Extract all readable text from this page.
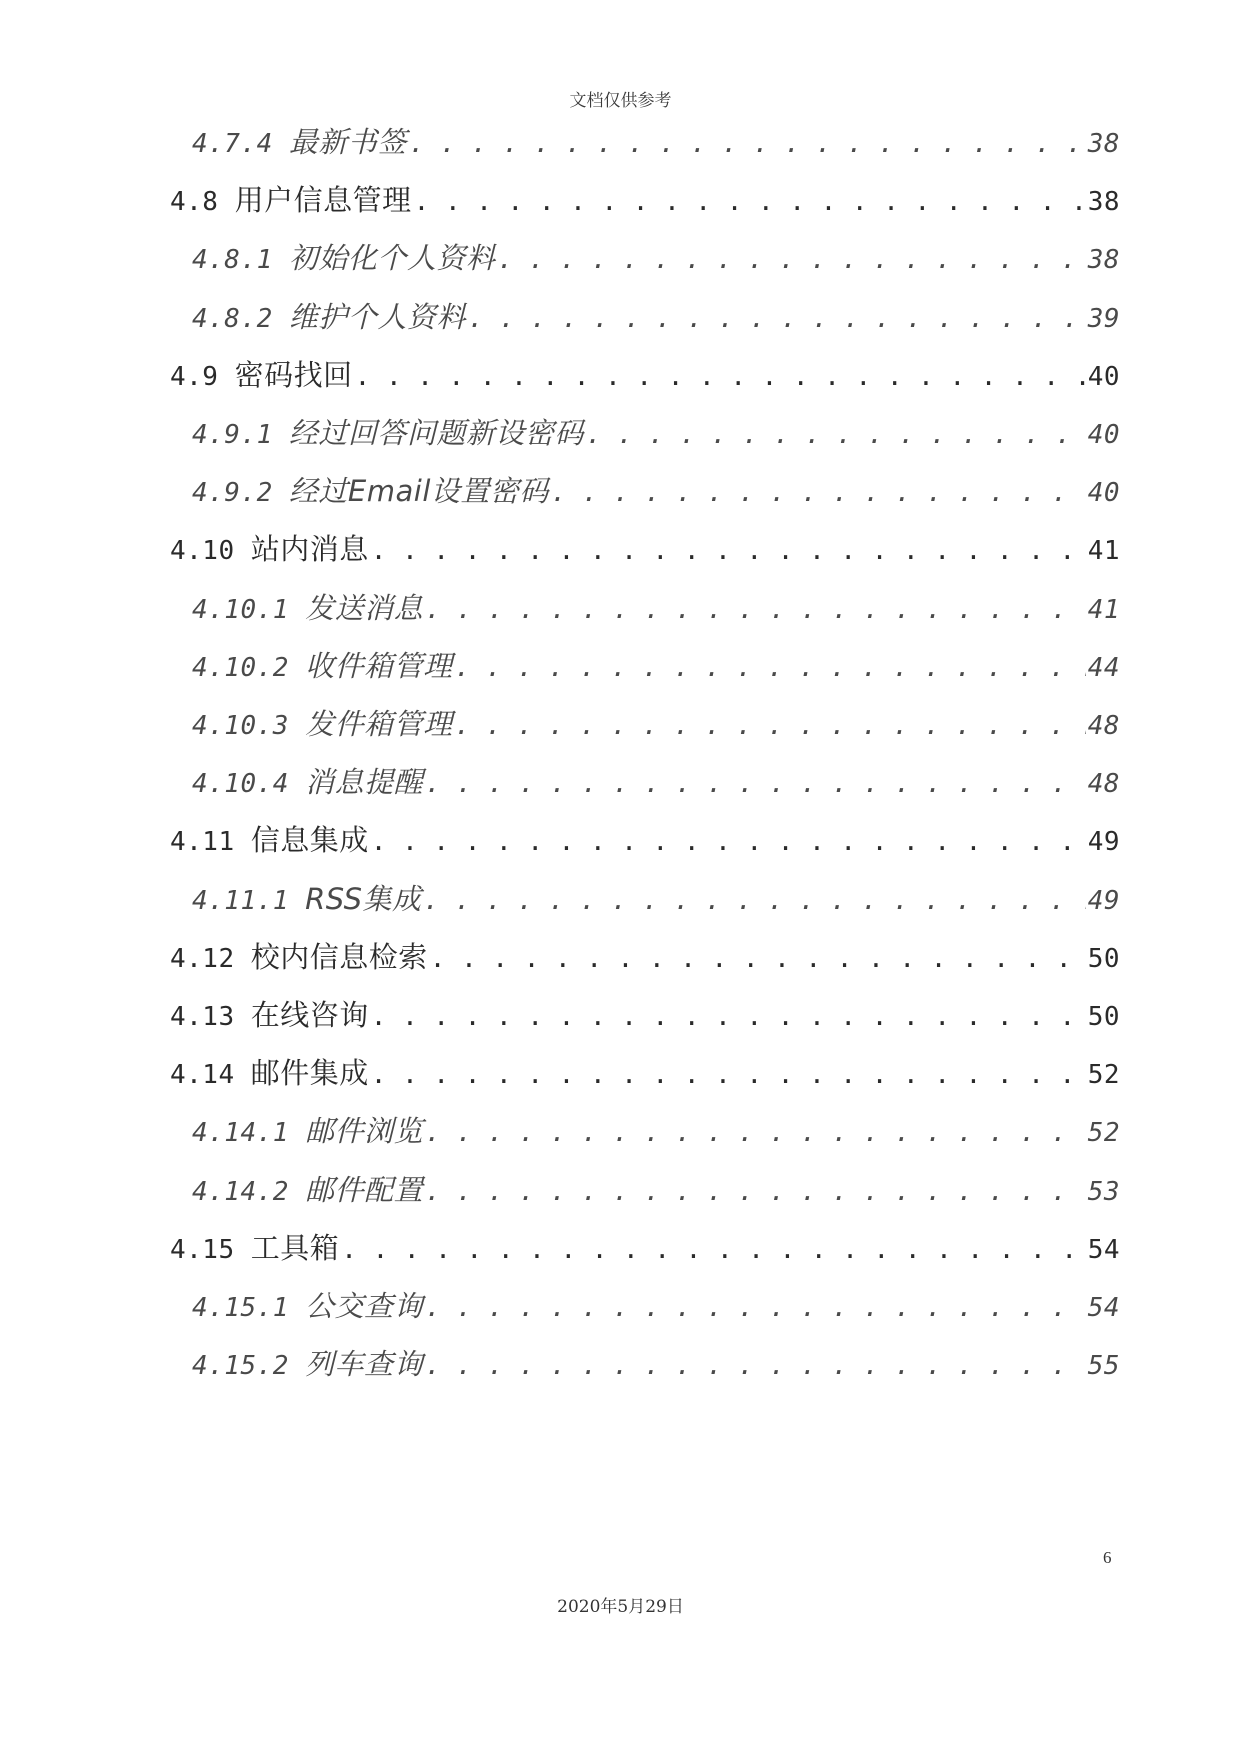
文档仅供参考
4.7.4 最新书签 . . .	38
4.8 用户信息管理 . . .	38
4.8.1 初始化个人资料 . . .	38
4.8.2 维护个人资料 . . .	39
4.9 密码找回 . . .	40
4.9.1 经过回答问题新设密码 . . .	40
4.9.2 经过Email设置密码 . . .	40
4.10 站内消息 . . .	41
4.10.1 发送消息 . . .	41
4.10.2 收件箱管理 . . .	44
4.10.3 发件箱管理 . . .	48
4.10.4 消息提醒 . . .	48
4.11 信息集成 . . .	49
4.11.1 RSS集成 . . .	49
4.12 校内信息检索 . . .	50
4.13 在线咨询 . . .	50
4.14 邮件集成 . . .	52
4.14.1 邮件浏览 . . .	52
4.14.2 邮件配置 . . .	53
4.15 工具箱 . . .	54
4.15.1 公交查询 . . .	54
4.15.2 列车查询 . . .	55
6
2020年5月29日
